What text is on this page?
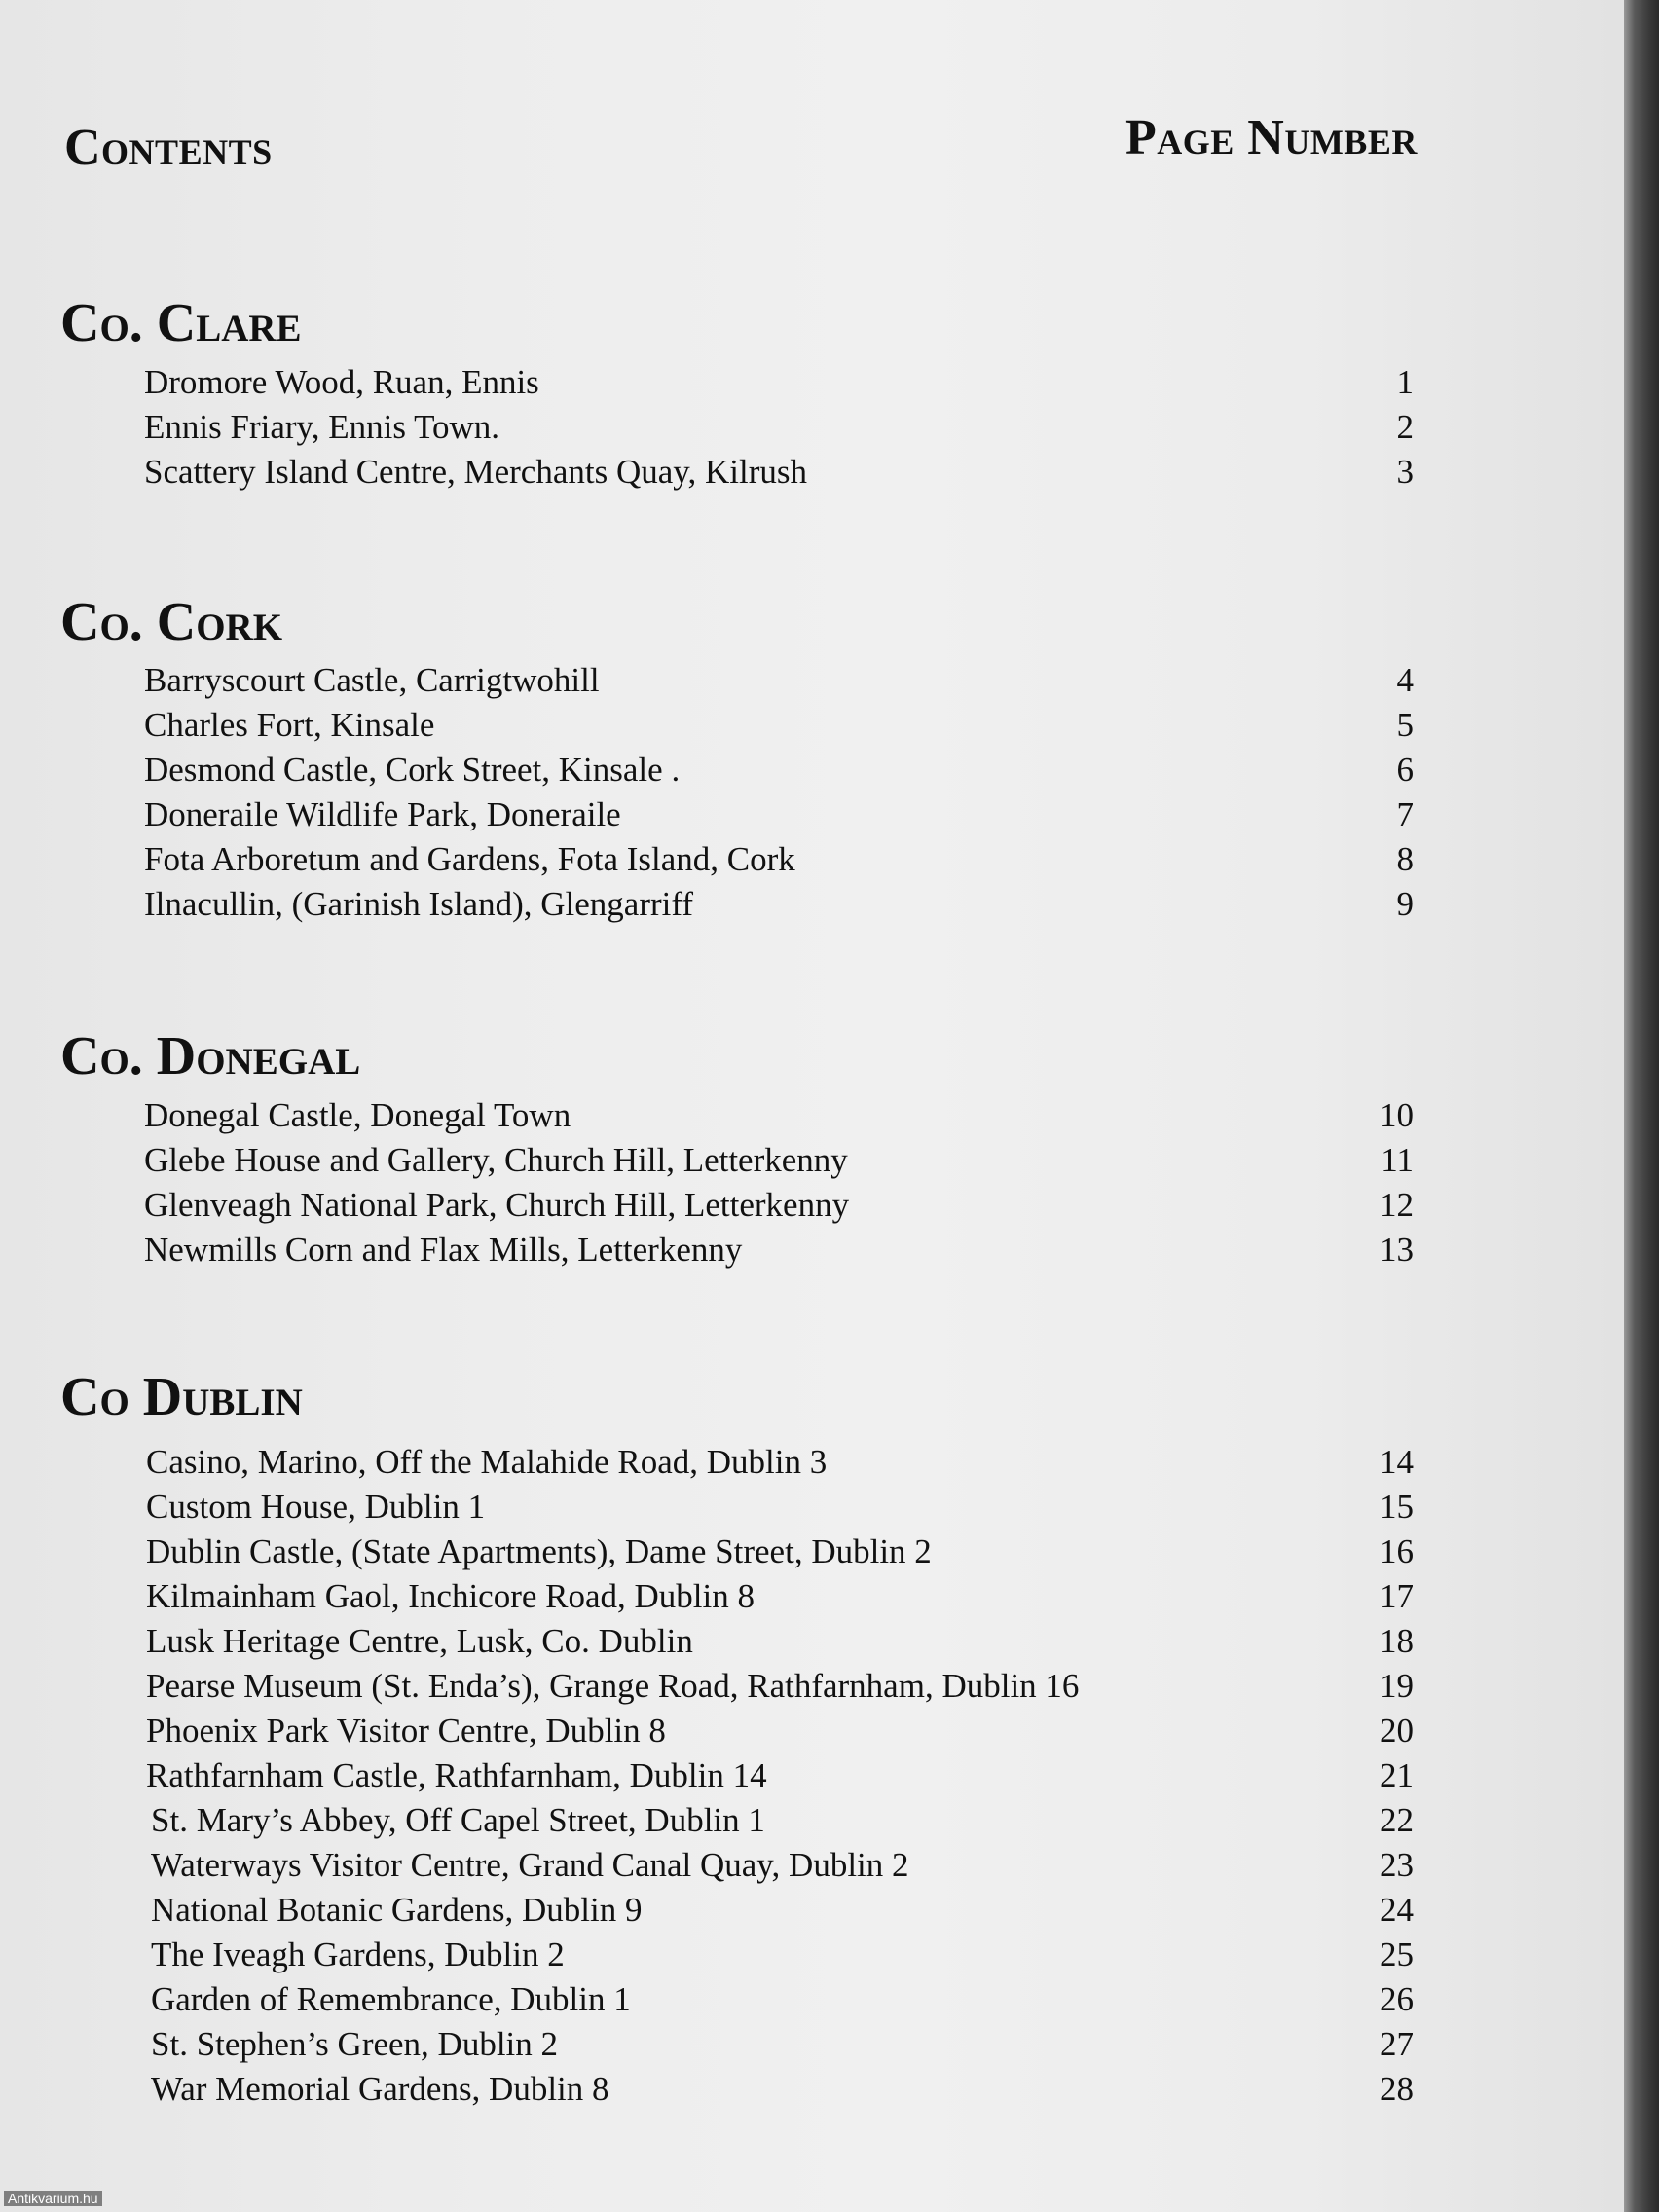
Contents	Page Number
Co. Clare
Dromore Wood, Ruan, Ennis	1
Ennis Friary, Ennis Town.	2
Scattery Island Centre, Merchants Quay, Kilrush	3
Co. Cork
Barryscourt Castle, Carrigtwohill	4
Charles Fort, Kinsale	5
Desmond Castle, Cork Street, Kinsale .	6
Doneraile Wildlife Park, Doneraile	7
Fota Arboretum and Gardens, Fota Island, Cork	8
Ilnacullin, (Garinish Island), Glengarriff	9
Co. Donegal
Donegal Castle, Donegal Town	10
Glebe House and Gallery, Church Hill, Letterkenny	11
Glenveagh National Park, Church Hill, Letterkenny	12
Newmills Corn and Flax Mills, Letterkenny	13
Co Dublin
Casino, Marino, Off the Malahide Road, Dublin 3	14
Custom House, Dublin 1	15
Dublin Castle, (State Apartments), Dame Street, Dublin 2	16
Kilmainham Gaol, Inchicore Road, Dublin 8	17
Lusk Heritage Centre, Lusk, Co. Dublin	18
Pearse Museum (St. Enda’s), Grange Road, Rathfarnham, Dublin 16	19
Phoenix Park Visitor Centre, Dublin 8	20
Rathfarnham Castle, Rathfarnham, Dublin 14	21
St. Mary’s Abbey, Off Capel Street, Dublin 1	22
Waterways Visitor Centre, Grand Canal Quay, Dublin 2	23
National Botanic Gardens, Dublin 9	24
The Iveagh Gardens, Dublin 2	25
Garden of Remembrance, Dublin 1	26
St. Stephen’s Green, Dublin 2	27
War Memorial Gardens, Dublin 8	28
Antikvarium.hu
